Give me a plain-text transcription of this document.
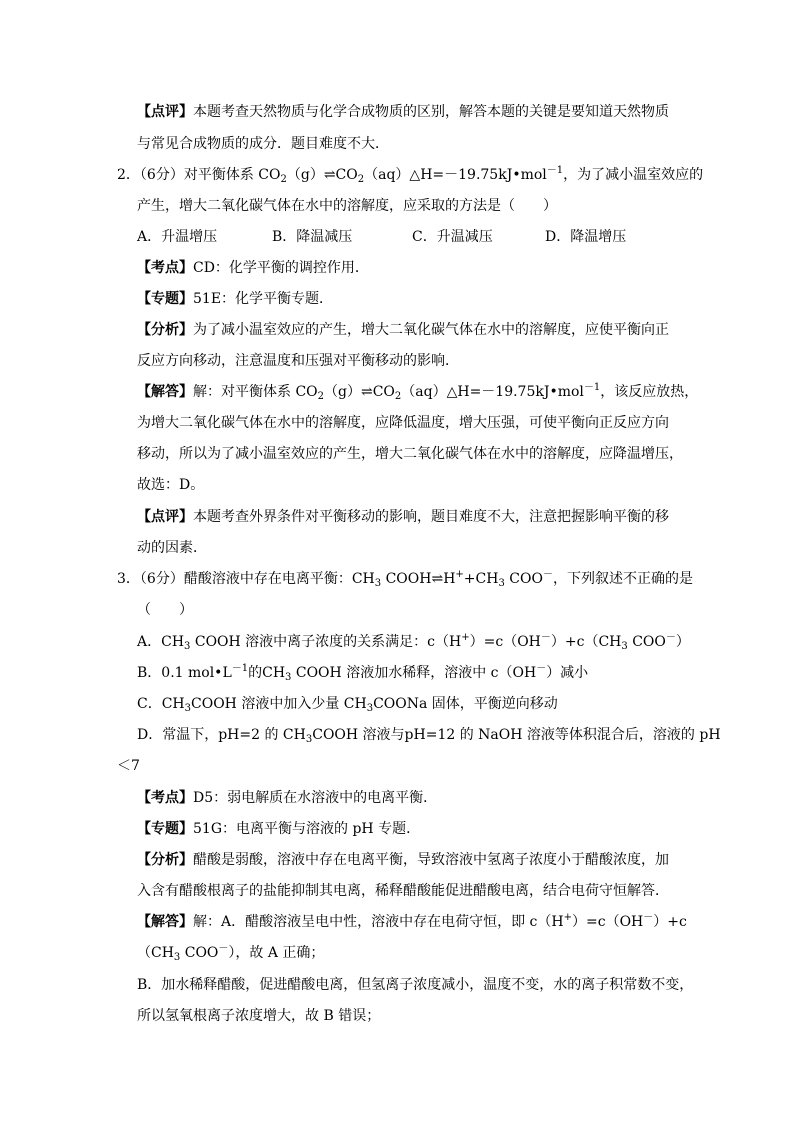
【点评】本题考查天然物质与化学合成物质的区别，解答本题的关键是要知道天然物质
与常见合成物质的成分．题目难度不大．
2．（6分）对平衡体系 $CO_2(g)\rightleftharpoons CO_2(aq)\triangle H=-19.75kJ•mol^{-1}$，为了减小温室效应的
产生，增大二氧化碳气体在水中的溶解度，应采取的方法是（　　）
A．升温增压	B．降温减压	C．升温减压	D．降温增压
【考点】CD：化学平衡的调控作用．
【专题】51E：化学平衡专题．
【分析】为了减小温室效应的产生，增大二氧化碳气体在水中的溶解度，应使平衡向正
反应方向移动，注意温度和压强对平衡移动的影响．
【解答】解：对平衡体系 $CO_2(g)\rightleftharpoons CO_2(aq)\triangle H=-19.75kJ•mol^{-1}$，该反应放热，
为增大二氧化碳气体在水中的溶解度，应降低温度，增大压强，可使平衡向正反应方向
移动，所以为了减小温室效应的产生，增大二氧化碳气体在水中的溶解度，应降温增压，
故选：D。
【点评】本题考查外界条件对平衡移动的影响，题目难度不大，注意把握影响平衡的移
动的因素．
3．（6分）醋酸溶液中存在电离平衡：$CH_3$ $COOH\rightleftharpoons H^++CH_3$ COO－，下列叙述不正确的是
（　　）
A．$CH_3$ COOH 溶液中离子浓度的关系满足：$c(H^+)=c(OH^-)+c(CH_3$ COO－）
B．0.1 $mol•L^{-1}$的$CH_3$ COOH 溶液加水稀释，溶液中 c（OH－）减小
C．$CH_3COOH$ 溶液中加入少量 $CH_3COONa$ 固体，平衡逆向移动
D．常温下，pH=2 的 $CH_3COOH$ 溶液与pH=12 的 NaOH 溶液等体积混合后，溶液的 pH
＜7
【考点】D5：弱电解质在水溶液中的电离平衡．
【专题】51G：电离平衡与溶液的 pH 专题．
【分析】醋酸是弱酸，溶液中存在电离平衡，导致溶液中氢离子浓度小于醋酸浓度，加
入含有醋酸根离子的盐能抑制其电离，稀释醋酸能促进醋酸电离，结合电荷守恒解答．
【解答】解：A．醋酸溶液呈电中性，溶液中存在电荷守恒，即 c（H+）=c（OH－）+c
（$CH_3$ COO－），故 A 正确；
B．加水稀释醋酸，促进醋酸电离，但氢离子浓度减小，温度不变，水的离子积常数不变，
所以氢氧根离子浓度增大，故 B 错误；
